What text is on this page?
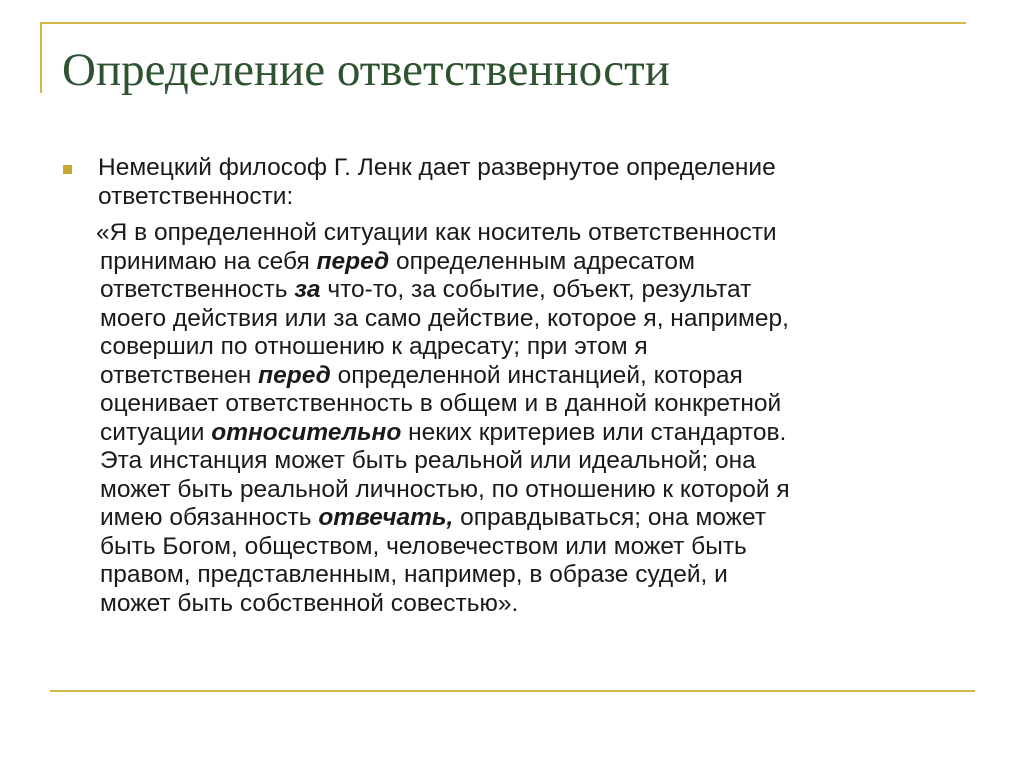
Определение ответственности

Немецкий философ Г. Ленк дает развернутое определение
ответственности:

«Я в определенной ситуации как носитель ответственности
принимаю на себя перед определенным адресатом
ответственность за что-то, за событие, объект, результат
моего действия или за само действие, которое я, например,
совершил по отношению к адресату; при этом я
ответственен перед определенной инстанцией, которая
оценивает ответственность в общем и в данной конкретной
ситуации относительно неких критериев или стандартов.
Эта инстанция может быть реальной или идеальной; она
может быть реальной личностью, по отношению к которой я
имею обязанность отвечать, оправдываться; она может
быть Богом, обществом, человечеством или может быть
правом, представленным, например, в образе судей, и
может быть собственной совестью».
